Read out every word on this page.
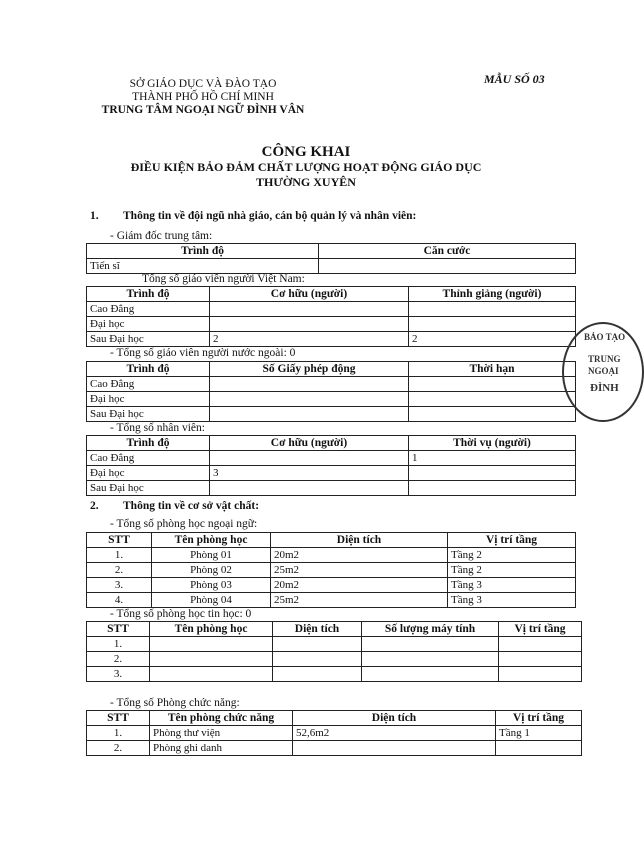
SỞ GIÁO DỤC VÀ ĐÀO TẠO
THÀNH PHỐ HỒ CHÍ MINH
TRUNG TÂM NGOẠI NGỮ ĐÌNH VÂN
MẪU SỐ 03
CÔNG KHAI
ĐIỀU KIỆN BẢO ĐẢM CHẤT LƯỢNG HOẠT ĐỘNG GIÁO DỤC
THƯỜNG XUYÊN
1. Thông tin về đội ngũ nhà giáo, cán bộ quản lý và nhân viên:
- Giám đốc trung tâm:
Trình độ	Căn cước
Tiến sĩ	
Tổng số giáo viên người Việt Nam:
Trình độ	Cơ hữu (người)	Thỉnh giảng (người)
Cao Đẳng		
Đại học		
Sau Đại học	2	2
- Tổng số giáo viên người nước ngoài: 0
Trình độ	Số Giấy phép động	Thời hạn
Cao Đẳng		
Đại học		
Sau Đại học		
- Tổng số nhân viên:
Trình độ	Cơ hữu (người)	Thời vụ (người)
Cao Đẳng		1
Đại học	3	
Sau Đại học		
2. Thông tin về cơ sở vật chất:
- Tổng số phòng học ngoại ngữ:
STT	Tên phòng học	Diện tích	Vị trí tầng
1.	Phòng 01	20m2	Tầng 2
2.	Phòng 02	25m2	Tầng 2
3.	Phòng 03	20m2	Tầng 3
4.	Phòng 04	25m2	Tầng 3
- Tổng số phòng học tin học: 0
STT	Tên phòng học	Diện tích	Số lượng máy tính	Vị trí tầng
1.				
2.				
3.				
- Tổng số Phòng chức năng:
STT	Tên phòng chức năng	Diện tích	Vị trí tầng
1.	Phòng thư viện	52,6m2	Tầng 1
2.	Phòng ghi danh		
BẢO TẠO
TRUNG
NGOẠI
ĐÌNH
